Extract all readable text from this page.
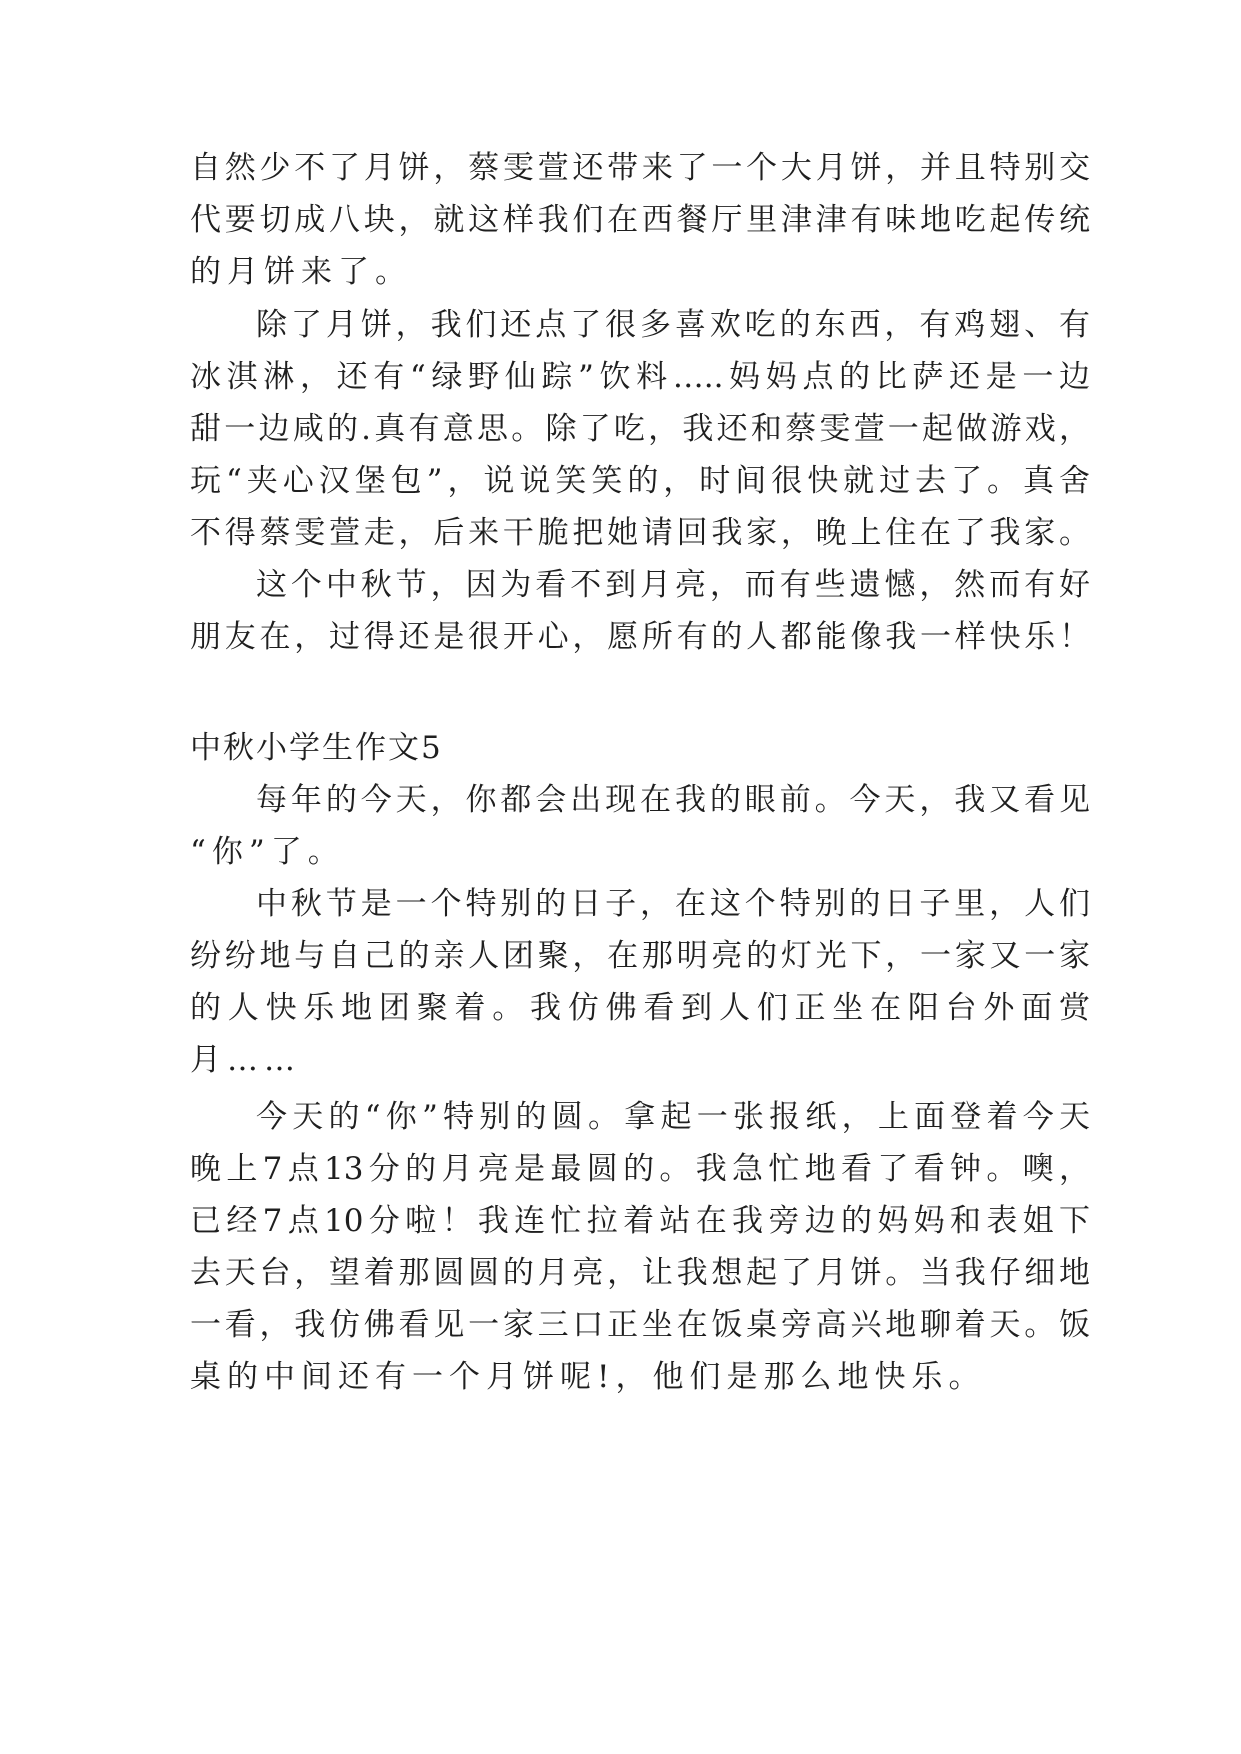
自然少不了月饼，蔡雯萱还带来了一个大月饼，并且特别交
代要切成八块，就这样我们在西餐厅里津津有味地吃起传统
的月饼来了。
除了月饼，我们还点了很多喜欢吃的东西，有鸡翅、有
冰淇淋，还有“绿野仙踪”饮料…..妈妈点的比萨还是一边
甜一边咸的.真有意思。除了吃，我还和蔡雯萱一起做游戏，
玩“夹心汉堡包”，说说笑笑的，时间很快就过去了。真舍
不得蔡雯萱走，后来干脆把她请回我家，晚上住在了我家。
这个中秋节，因为看不到月亮，而有些遗憾，然而有好
朋友在，过得还是很开心，愿所有的人都能像我一样快乐！
中秋小学生作文5
每年的今天，你都会出现在我的眼前。今天，我又看见
“你”了。
中秋节是一个特别的日子，在这个特别的日子里，人们
纷纷地与自己的亲人团聚，在那明亮的灯光下，一家又一家
的人快乐地团聚着。我仿佛看到人们正坐在阳台外面赏
月……
今天的“你”特别的圆。拿起一张报纸，上面登着今天
晚上7点13分的月亮是最圆的。我急忙地看了看钟。噢，
已经7点10分啦！我连忙拉着站在我旁边的妈妈和表姐下
去天台，望着那圆圆的月亮，让我想起了月饼。当我仔细地
一看，我仿佛看见一家三口正坐在饭桌旁高兴地聊着天。饭
桌的中间还有一个月饼呢!，他们是那么地快乐。
